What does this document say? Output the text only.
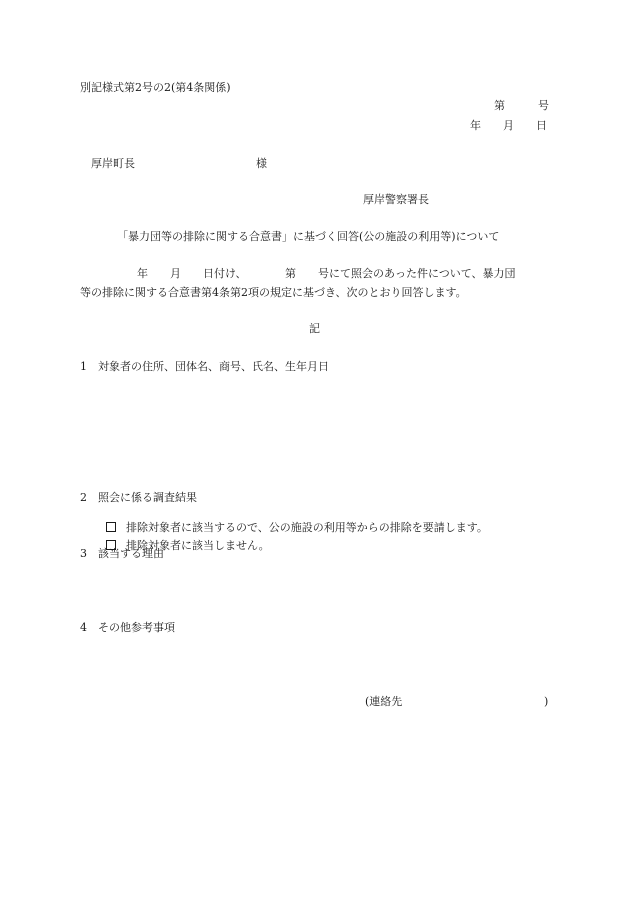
別記様式第2号の2(第4条関係)
第　　　号
年　　月　　日
厚岸町長	様
厚岸警察署長
「暴力団等の排除に関する合意書」に基づく回答(公の施設の利用等)について
年　　月　　日付け、　　　　第　　号にて照会のあった件について、暴力団
等の排除に関する合意書第4条第2項の規定に基づき、次のとおり回答します。
記
1　対象者の住所、団体名、商号、氏名、生年月日
2　照会に係る調査結果

排除対象者に該当するので、公の施設の利用等からの排除を要請します。

排除対象者に該当しません。

3　該当する理由
4　その他参考事項
(連絡先	)
